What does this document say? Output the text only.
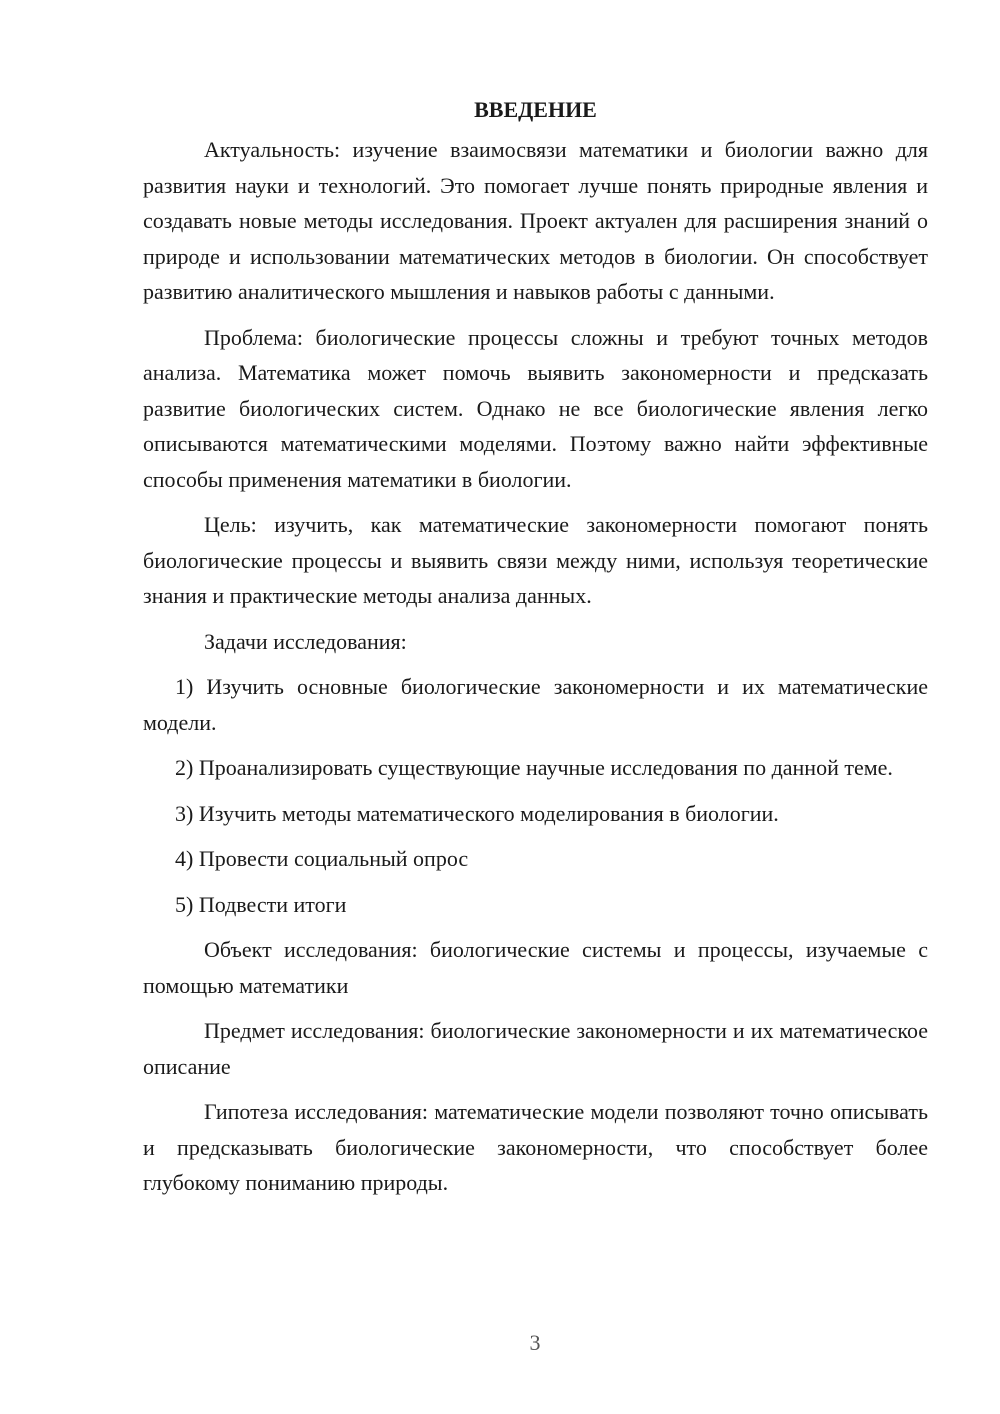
ВВЕДЕНИЕ

Актуальность: изучение взаимосвязи математики и биологии важно для развития науки и технологий. Это помогает лучше понять природные явления и создавать новые методы исследования. Проект актуален для расширения знаний о природе и использовании математических методов в биологии. Он способствует развитию аналитического мышления и навыков работы с данными.

Проблема: биологические процессы сложны и требуют точных методов анализа. Математика может помочь выявить закономерности и предсказать развитие биологических систем. Однако не все биологические явления легко описываются математическими моделями. Поэтому важно найти эффективные способы применения математики в биологии.

Цель: изучить, как математические закономерности помогают понять биологические процессы и выявить связи между ними, используя теоретические знания и практические методы анализа данных.

Задачи исследования:

1) Изучить основные биологические закономерности и их математические модели.

2) Проанализировать существующие научные исследования по данной теме.

3) Изучить методы математического моделирования в биологии.

4) Провести социальный опрос

5) Подвести итоги

Объект исследования: биологические системы и процессы, изучаемые с помощью математики

Предмет исследования: биологические закономерности и их математическое описание

Гипотеза исследования: математические модели позволяют точно описывать и предсказывать биологические закономерности, что способствует более глубокому пониманию природы.

3
